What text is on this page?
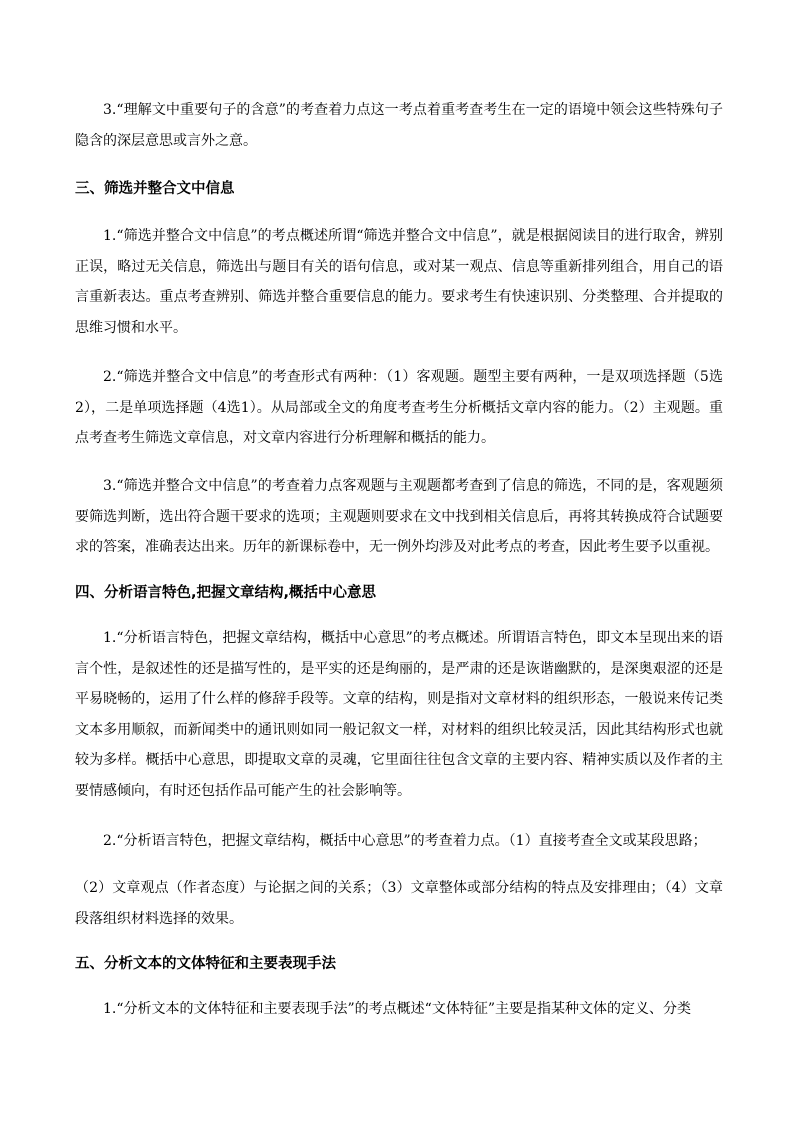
3.“理解文中重要句子的含意”的考查着力点这一考点着重考查考生在一定的语境中领会这些特殊句子隐含的深层意思或言外之意。

三、筛选并整合文中信息

1.“筛选并整合文中信息”的考点概述所谓“筛选并整合文中信息”，就是根据阅读目的进行取舍，辨别正误，略过无关信息，筛选出与题目有关的语句信息，或对某一观点、信息等重新排列组合，用自己的语言重新表达。重点考查辨别、筛选并整合重要信息的能力。要求考生有快速识别、分类整理、合并提取的思维习惯和水平。

2.“筛选并整合文中信息”的考查形式有两种：（1）客观题。题型主要有两种，一是双项选择题（5选2），二是单项选择题（4选1）。从局部或全文的角度考查考生分析概括文章内容的能力。（2）主观题。重点考查考生筛选文章信息，对文章内容进行分析理解和概括的能力。

3.“筛选并整合文中信息”的考查着力点客观题与主观题都考查到了信息的筛选，不同的是，客观题须要筛选判断，选出符合题干要求的选项；主观题则要求在文中找到相关信息后，再将其转换成符合试题要求的答案，准确表达出来。历年的新课标卷中，无一例外均涉及对此考点的考查，因此考生要予以重视。

四、分析语言特色,把握文章结构,概括中心意思

1.“分析语言特色，把握文章结构，概括中心意思”的考点概述。所谓语言特色，即文本呈现出来的语言个性，是叙述性的还是描写性的，是平实的还是绚丽的，是严肃的还是诙谐幽默的，是深奥艰涩的还是平易晓畅的，运用了什么样的修辞手段等。文章的结构，则是指对文章材料的组织形态，一般说来传记类文本多用顺叙，而新闻类中的通讯则如同一般记叙文一样，对材料的组织比较灵活，因此其结构形式也就较为多样。概括中心意思，即提取文章的灵魂，它里面往往包含文章的主要内容、精神实质以及作者的主要情感倾向，有时还包括作品可能产生的社会影响等。

2.“分析语言特色，把握文章结构，概括中心意思”的考查着力点。（1）直接考查全文或某段思路；

（2）文章观点（作者态度）与论据之间的关系；（3）文章整体或部分结构的特点及安排理由；（4）文章段落组织材料选择的效果。

五、分析文本的文体特征和主要表现手法

1.“分析文本的文体特征和主要表现手法”的考点概述“文体特征”主要是指某种文体的定义、分类
